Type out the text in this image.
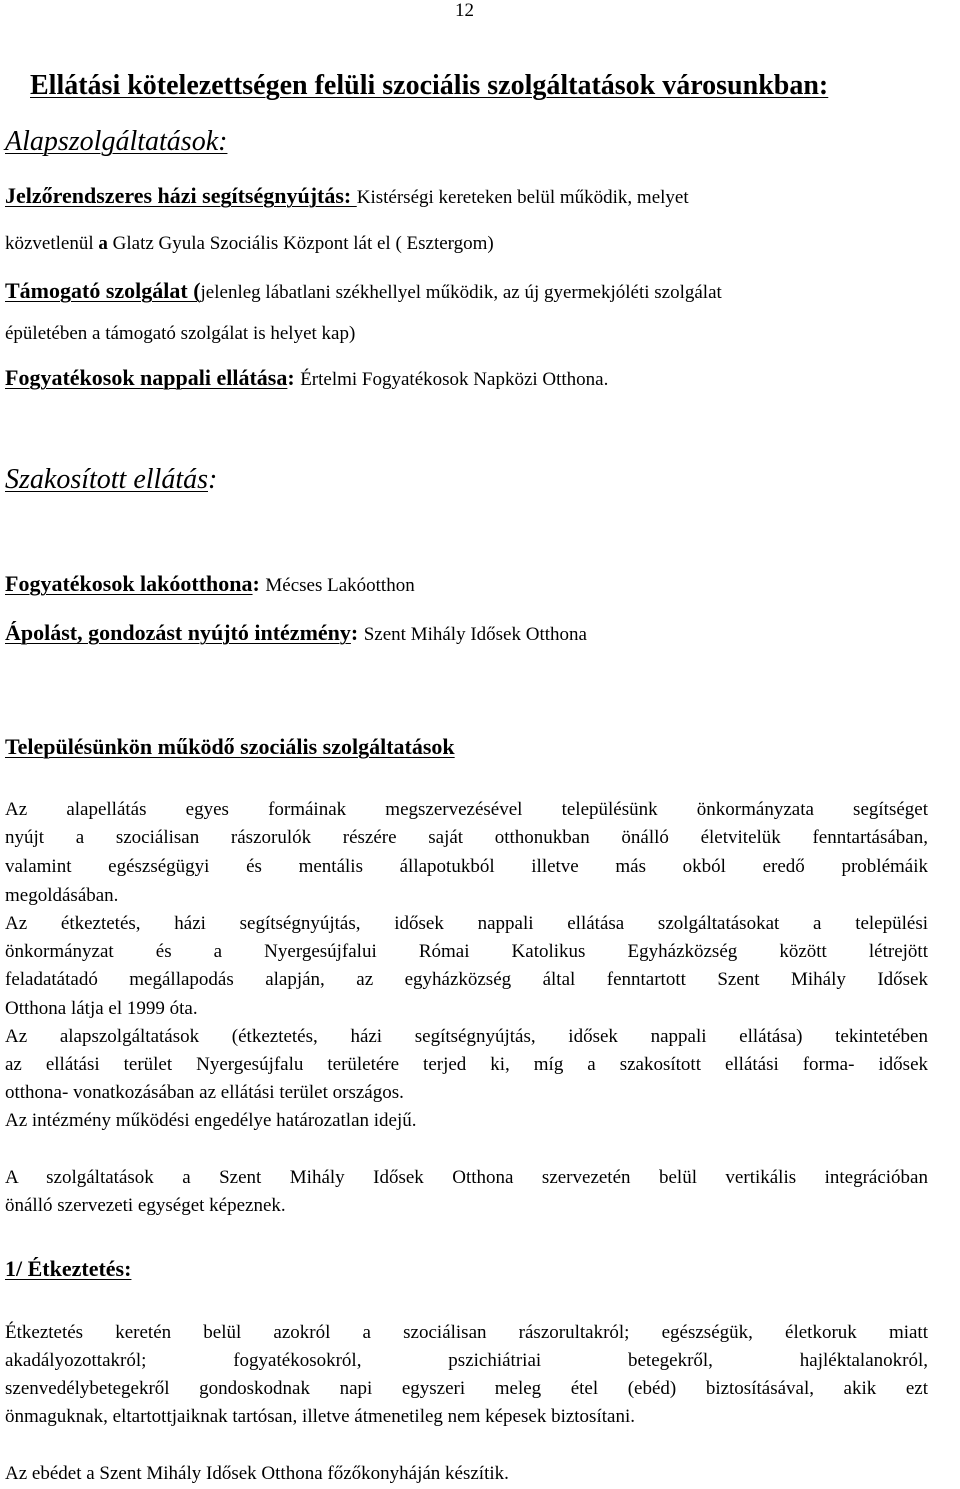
12
Ellátási kötelezettségen felüli szociális szolgáltatások városunkban:
Alapszolgáltatások:
Jelzőrendszeres házi segítségnyújtás: Kistérségi kereteken belül működik, melyet
közvetlenül a Glatz Gyula Szociális Központ lát el ( Esztergom)
Támogató szolgálat (jelenleg lábatlani székhellyel működik, az új gyermekjóléti szolgálat
épületében a támogató szolgálat is helyet kap)
Fogyatékosok nappali ellátása: Értelmi Fogyatékosok Napközi Otthona.
Szakosított ellátás:
Fogyatékosok lakóotthona: Mécses Lakóotthon
Ápolást, gondozást nyújtó intézmény: Szent Mihály Idősek Otthona
Településünkön működő szociális szolgáltatások
Az alapellátás egyes formáinak megszervezésével településünk önkormányzata segítséget
nyújt a szociálisan rászorulók részére saját otthonukban önálló életvitelük fenntartásában,
valamint egészségügyi és mentális állapotukból illetve más okból eredő problémáik
megoldásában.
Az étkeztetés, házi segítségnyújtás, idősek nappali ellátása szolgáltatásokat a települési
önkormányzat és a Nyergesújfalui Római Katolikus Egyházközség között létrejött
feladatátadó megállapodás alapján, az egyházközség által fenntartott Szent Mihály Idősek
Otthona látja el 1999 óta.
Az alapszolgáltatások (étkeztetés, házi segítségnyújtás, idősek nappali ellátása) tekintetében
az ellátási terület Nyergesújfalu területére terjed ki, míg a szakosított ellátási forma- idősek
otthona- vonatkozásában az ellátási terület országos.
Az intézmény működési engedélye határozatlan idejű.
A szolgáltatások a Szent Mihály Idősek Otthona szervezetén belül vertikális integrációban
önálló szervezeti egységet képeznek.
1/ Étkeztetés:
Étkeztetés keretén belül azokról a szociálisan rászorultakról; egészségük, életkoruk miatt
akadályozottakról; fogyatékosokról, pszichiátriai betegekről, hajléktalanokról,
szenvedélybetegekről gondoskodnak napi egyszeri meleg étel (ebéd) biztosításával, akik ezt
önmaguknak, eltartottjaiknak tartósan, illetve átmenetileg nem képesek biztosítani.
Az ebédet a Szent Mihály Idősek Otthona főzőkonyháján készítik.
